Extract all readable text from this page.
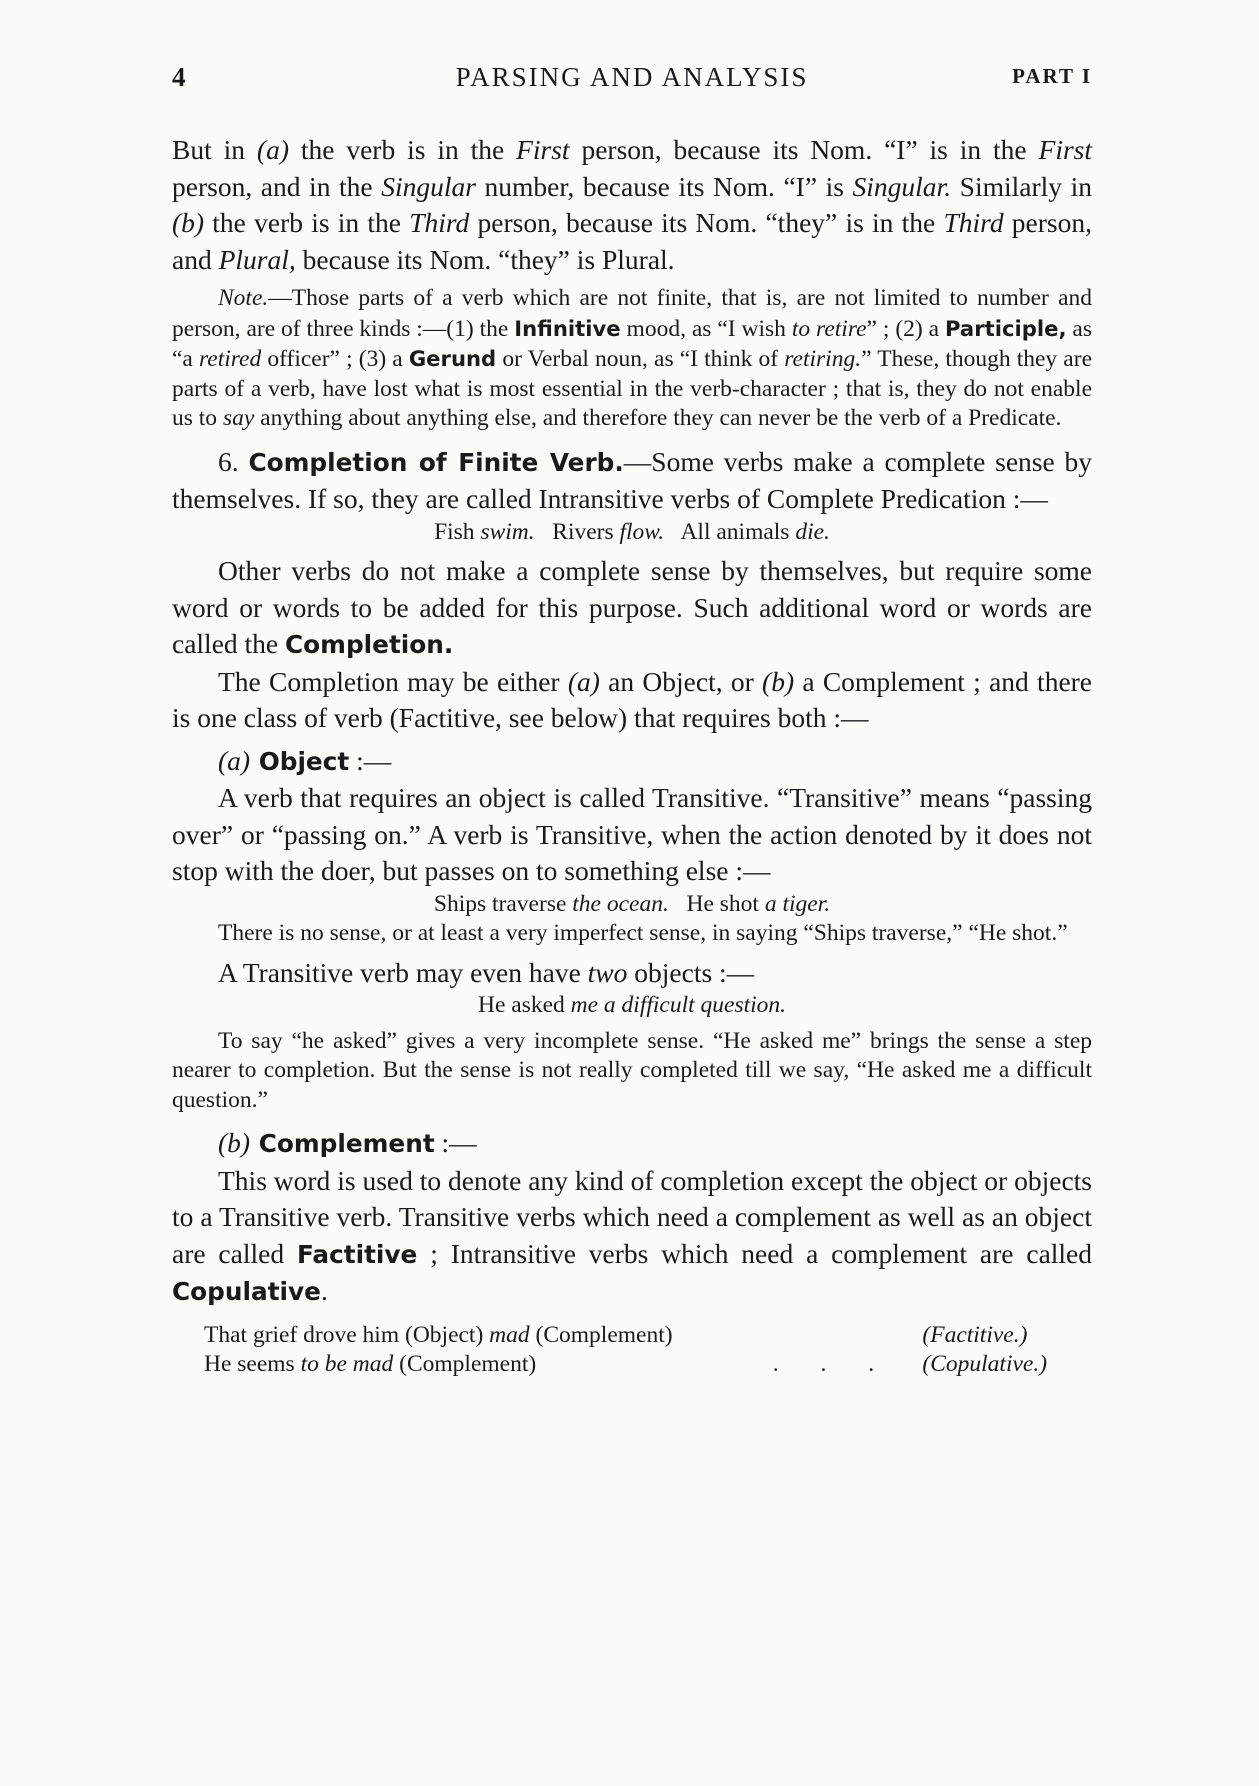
4	PARSING AND ANALYSIS	PART I

But in (a) the verb is in the First person, because its Nom. “I” is in the First person, and in the Singular number, because its Nom. “I” is Singular. Similarly in (b) the verb is in the Third person, because its Nom. “they” is in the Third person, and Plural, because its Nom. “they” is Plural.

Note.—Those parts of a verb which are not finite, that is, are not limited to number and person, are of three kinds :—(1) the Infinitive mood, as “I wish to retire” ; (2) a Participle, as “a retired officer” ; (3) a Gerund or Verbal noun, as “I think of retiring.” These, though they are parts of a verb, have lost what is most essential in the verb-character ; that is, they do not enable us to say anything about anything else, and therefore they can never be the verb of a Predicate.

6. Completion of Finite Verb.—Some verbs make a complete sense by themselves. If so, they are called Intransitive verbs of Complete Predication :—

Fish swim.   Rivers flow.   All animals die.

Other verbs do not make a complete sense by themselves, but require some word or words to be added for this purpose. Such additional word or words are called the Completion.

The Completion may be either (a) an Object, or (b) a Complement ; and there is one class of verb (Factitive, see below) that requires both :—

(a) Object :—

A verb that requires an object is called Transitive. “Transitive” means “passing over” or “passing on.” A verb is Transitive, when the action denoted by it does not stop with the doer, but passes on to something else :—

Ships traverse the ocean.   He shot a tiger.

There is no sense, or at least a very imperfect sense, in saying “Ships traverse,” “He shot.”

A Transitive verb may even have two objects :—

He asked me a difficult question.

To say “he asked” gives a very incomplete sense. “He asked me” brings the sense a step nearer to completion. But the sense is not really completed till we say, “He asked me a difficult question.”

(b) Complement :—

This word is used to denote any kind of completion except the object or objects to a Transitive verb. Transitive verbs which need a complement as well as an object are called Factitive ; Intransitive verbs which need a complement are called Copulative.

That grief drove him (Object) mad (Complement)		(Factitive.)
He seems to be mad (Complement)	. . .	(Copulative.)
